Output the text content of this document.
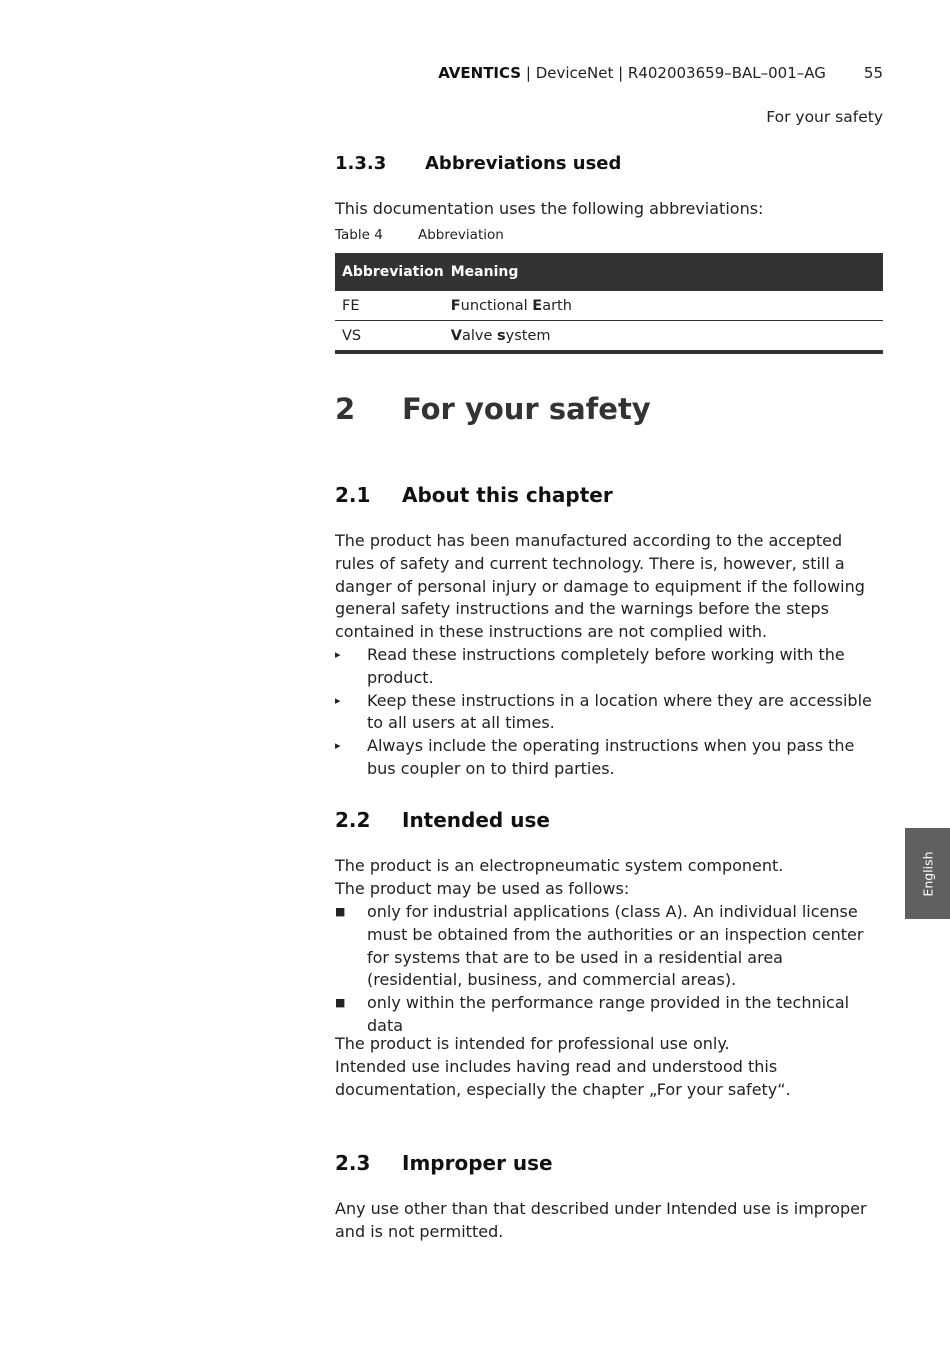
AVENTICS | DeviceNet | R402003659–BAL–001–AG	55
For your safety
1.3.3 Abbreviations used

This documentation uses the following abbreviations:

Table 4	Abbreviation
Abbreviation	Meaning
FE	Functional Earth
VS	Valve system
2 For your safety
2.1 About this chapter

The product has been manufactured according to the accepted rules of safety and current technology. There is, however, still a danger of personal injury or damage to equipment if the following general safety instructions and the warnings before the steps contained in these instructions are not complied with.

▸ Read these instructions completely before working with the product.
▸ Keep these instructions in a location where they are accessible to all users at all times.
▸ Always include the operating instructions when you pass the bus coupler on to third parties.
2.2 Intended use

The product is an electropneumatic system component.

The product may be used as follows:

■ only for industrial applications (class A). An individual license must be obtained from the authorities or an inspection center for systems that are to be used in a residential area (residential, business, and commercial areas).
■ only within the performance range provided in the technical data

The product is intended for professional use only.

Intended use includes having read and understood this documentation, especially the chapter „For your safety“.

2.3 Improper use

Any use other than that described under Intended use is improper and is not permitted.

English
